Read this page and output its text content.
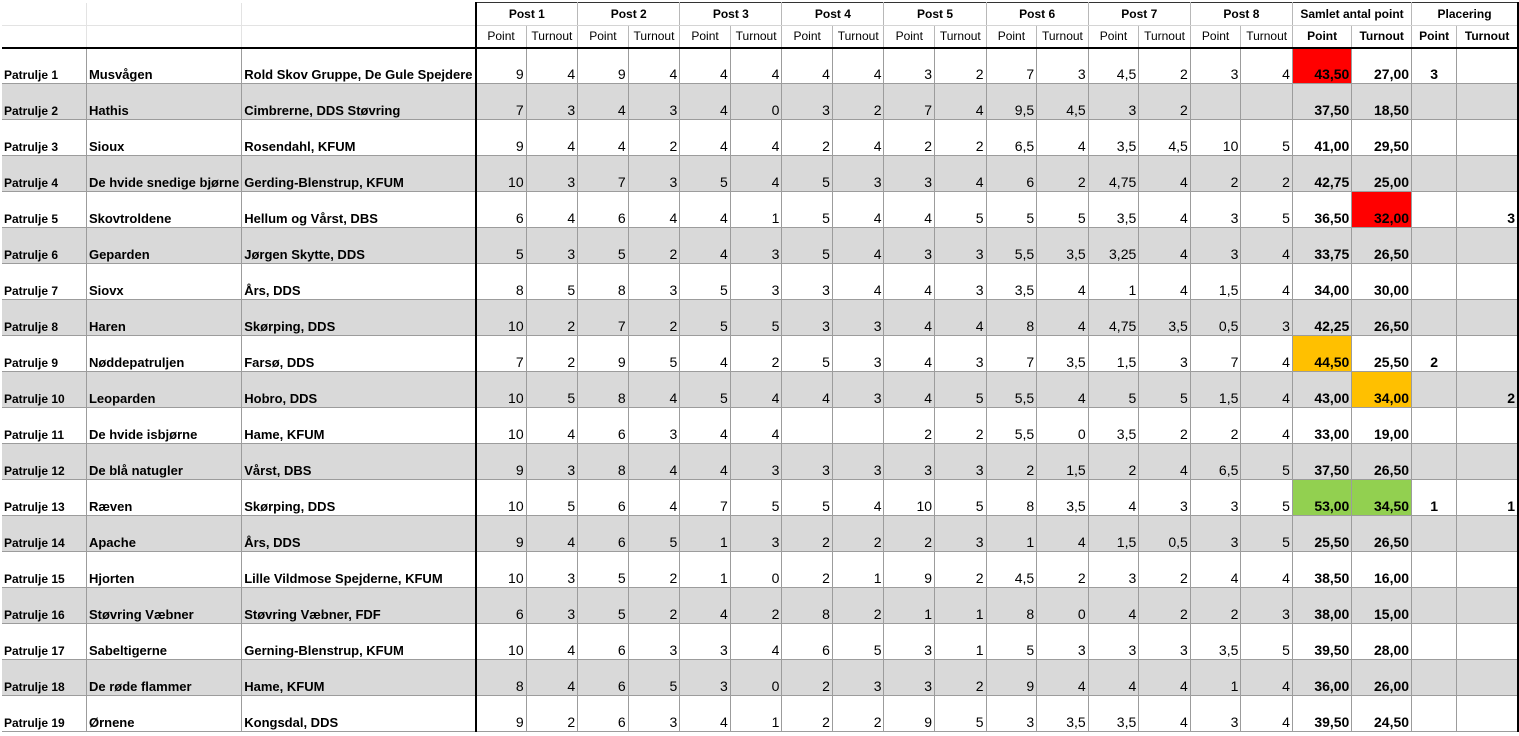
			Post 1		Post 2		Post 3		Post 4		Post 5		Post 6		Post 7		Post 8		Samlet antal point		Placering	
			Point	Turnout	Point	Turnout	Point	Turnout	Point	Turnout	Point	Turnout	Point	Turnout	Point	Turnout	Point	Turnout	Point	Turnout	Point	Turnout
Patrulje 1	Musvågen	Rold Skov Gruppe, De Gule Spejdere	9	4	9	4	4	4	4	4	3	2	7	3	4,5	2	3	4	43,50	27,00	3	
Patrulje 2	Hathis	Cimbrerne, DDS Støvring	7	3	4	3	4	0	3	2	7	4	9,5	4,5	3	2			37,50	18,50		
Patrulje 3	Sioux	Rosendahl, KFUM	9	4	4	2	4	4	2	4	2	2	6,5	4	3,5	4,5	10	5	41,00	29,50		
Patrulje 4	De hvide snedige bjørne	Gerding-Blenstrup, KFUM	10	3	7	3	5	4	5	3	3	4	6	2	4,75	4	2	2	42,75	25,00		
Patrulje 5	Skovtroldene	Hellum og Vårst, DBS	6	4	6	4	4	1	5	4	4	5	5	5	3,5	4	3	5	36,50	32,00		3
Patrulje 6	Geparden	Jørgen Skytte, DDS	5	3	5	2	4	3	5	4	3	3	5,5	3,5	3,25	4	3	4	33,75	26,50		
Patrulje 7	Siovx	Års, DDS	8	5	8	3	5	3	3	4	4	3	3,5	4	1	4	1,5	4	34,00	30,00		
Patrulje 8	Haren	Skørping, DDS	10	2	7	2	5	5	3	3	4	4	8	4	4,75	3,5	0,5	3	42,25	26,50		
Patrulje 9	Nøddepatruljen	Farsø, DDS	7	2	9	5	4	2	5	3	4	3	7	3,5	1,5	3	7	4	44,50	25,50	2	
Patrulje 10	Leoparden	Hobro, DDS	10	5	8	4	5	4	4	3	4	5	5,5	4	5	5	1,5	4	43,00	34,00		2
Patrulje 11	De hvide isbjørne	Hame, KFUM	10	4	6	3	4	4			2	2	5,5	0	3,5	2	2	4	33,00	19,00		
Patrulje 12	De blå natugler	Vårst, DBS	9	3	8	4	4	3	3	3	3	3	2	1,5	2	4	6,5	5	37,50	26,50		
Patrulje 13	Ræven	Skørping, DDS	10	5	6	4	7	5	5	4	10	5	8	3,5	4	3	3	5	53,00	34,50	1	1
Patrulje 14	Apache	Års, DDS	9	4	6	5	1	3	2	2	2	3	1	4	1,5	0,5	3	5	25,50	26,50		
Patrulje 15	Hjorten	Lille Vildmose Spejderne, KFUM	10	3	5	2	1	0	2	1	9	2	4,5	2	3	2	4	4	38,50	16,00		
Patrulje 16	Støvring Væbner	Støvring Væbner, FDF	6	3	5	2	4	2	8	2	1	1	8	0	4	2	2	3	38,00	15,00		
Patrulje 17	Sabeltigerne	Gerning-Blenstrup, KFUM	10	4	6	3	3	4	6	5	3	1	5	3	3	3	3,5	5	39,50	28,00		
Patrulje 18	De røde flammer	Hame, KFUM	8	4	6	5	3	0	2	3	3	2	9	4	4	4	1	4	36,00	26,00		
Patrulje 19	Ørnene	Kongsdal, DDS	9	2	6	3	4	1	2	2	9	5	3	3,5	3,5	4	3	4	39,50	24,50		
